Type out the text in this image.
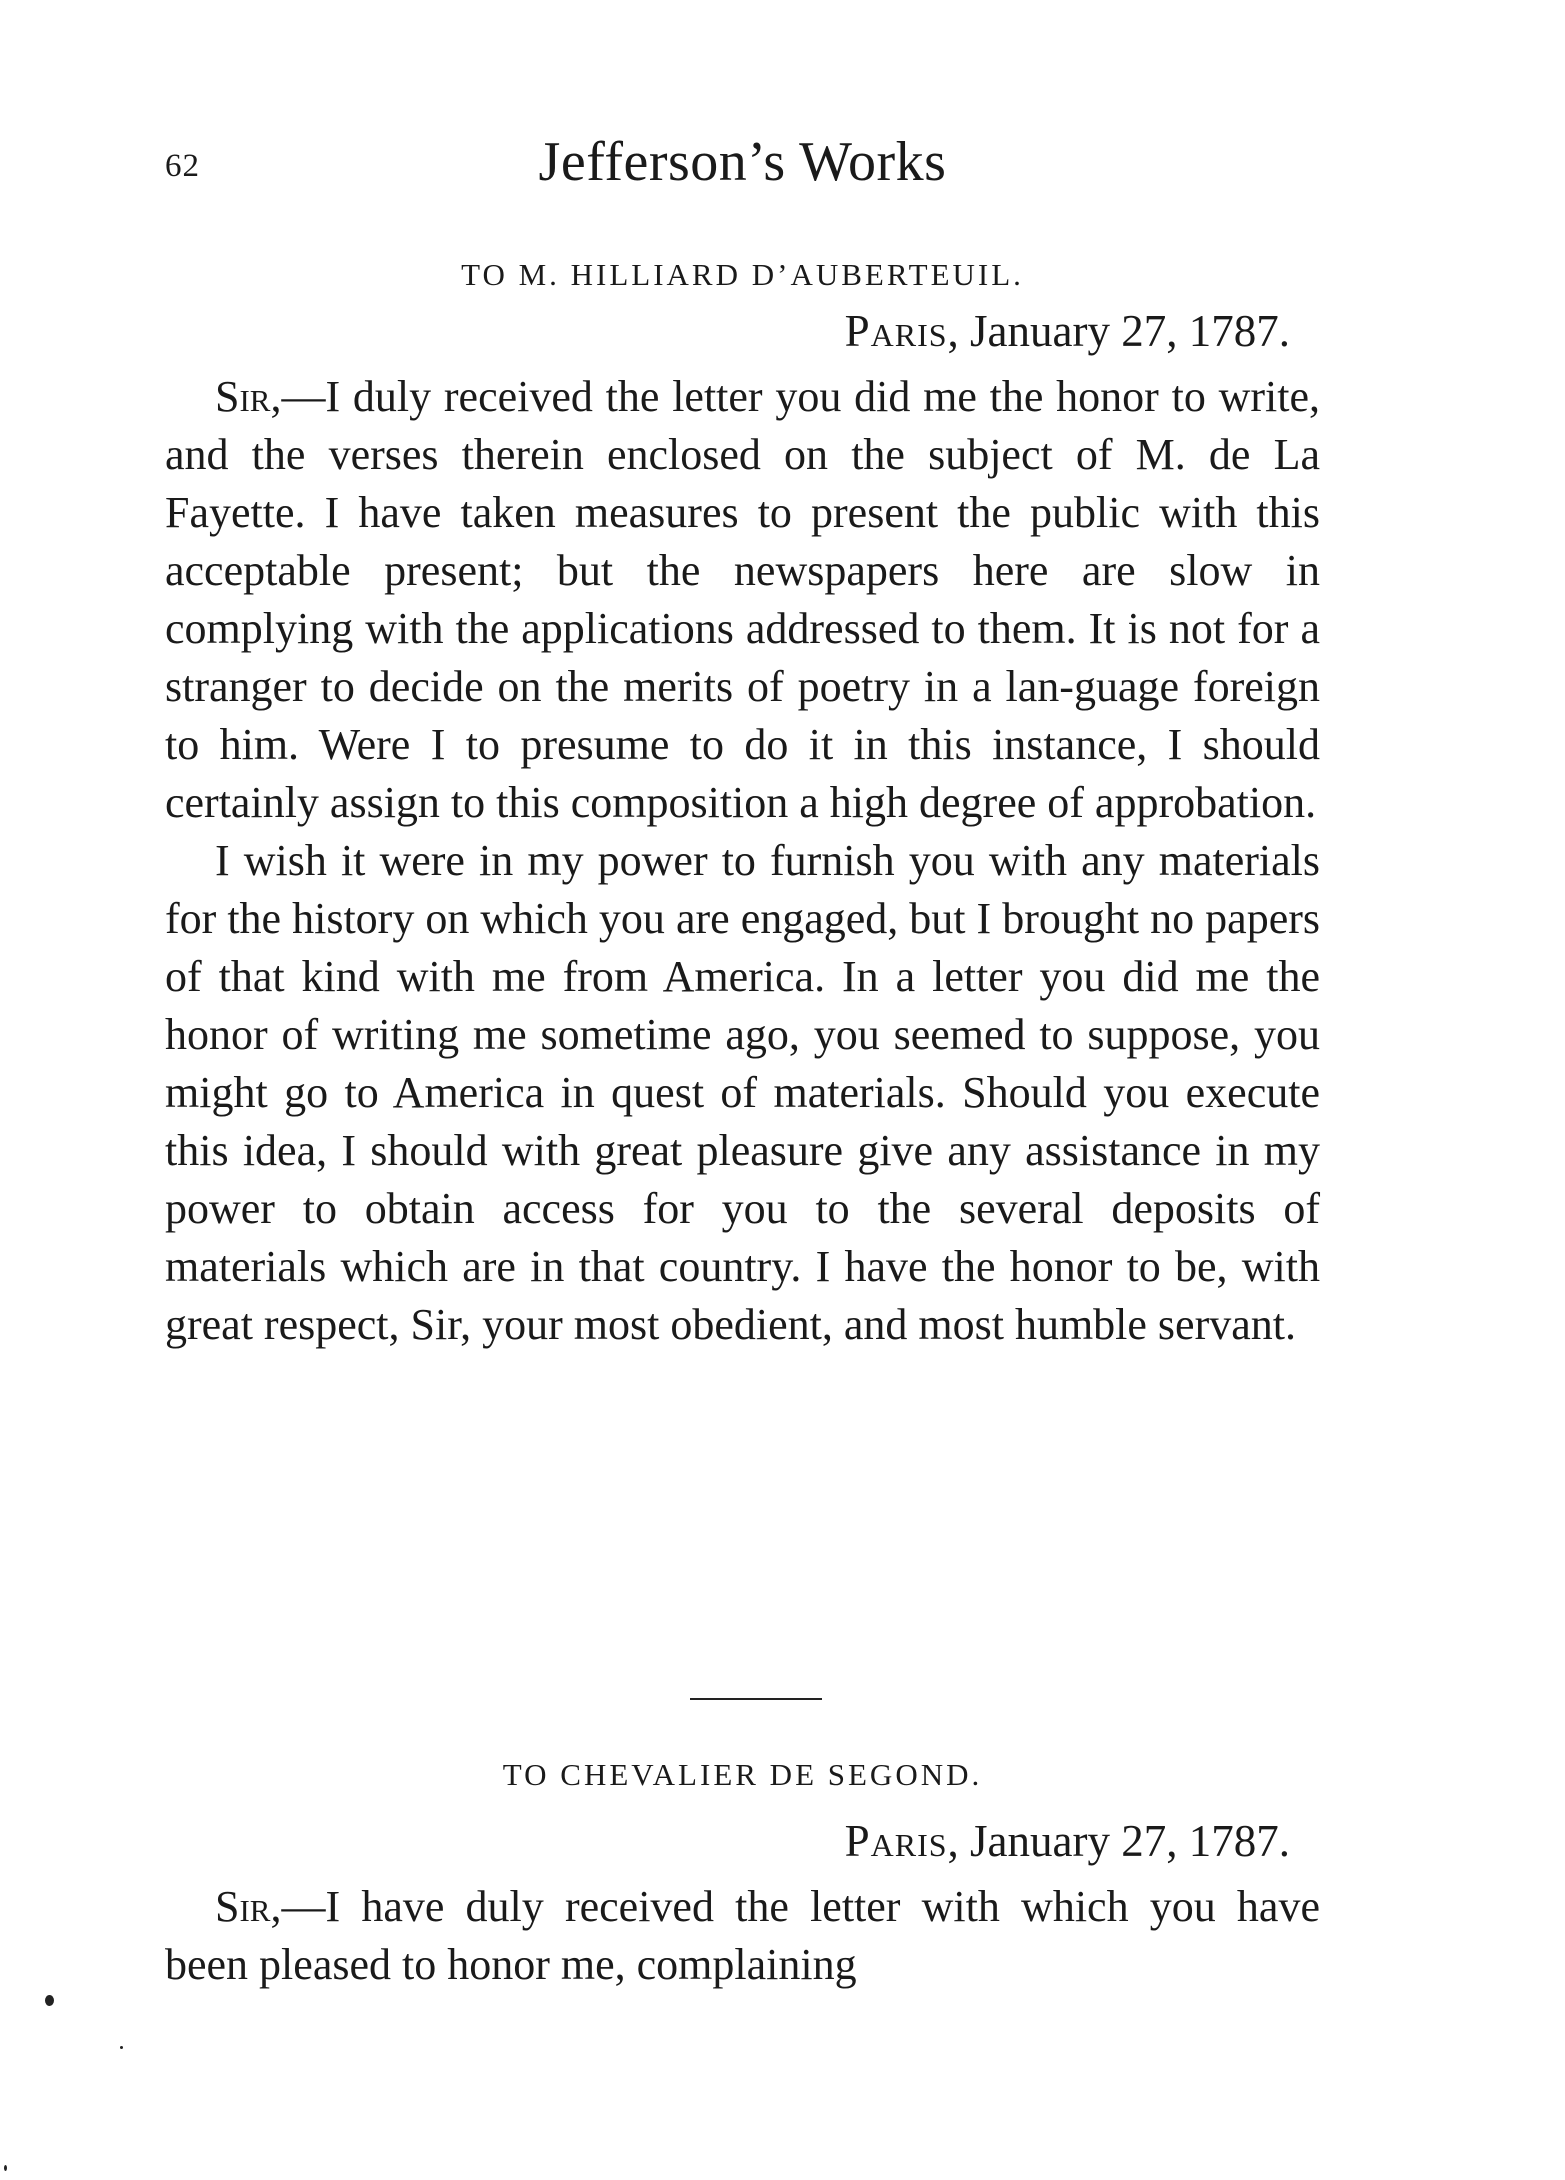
62	Jefferson’s Works
TO M. HILLIARD D’AUBERTEUIL.
Paris, January 27, 1787.

Sir,—I duly received the letter you did me the honor to write, and the verses therein enclosed on the subject of M. de La Fayette. I have taken measures to present the public with this acceptable present; but the newspapers here are slow in complying with the applications addressed to them. It is not for a stranger to decide on the merits of poetry in a lan-guage foreign to him. Were I to presume to do it in this instance, I should certainly assign to this composition a high degree of approbation.

I wish it were in my power to furnish you with any materials for the history on which you are engaged, but I brought no papers of that kind with me from America. In a letter you did me the honor of writing me sometime ago, you seemed to suppose, you might go to America in quest of materials. Should you execute this idea, I should with great pleasure give any assistance in my power to obtain access for you to the several deposits of materials which are in that country. I have the honor to be, with great respect, Sir, your most obedient, and most humble servant.

TO CHEVALIER DE SEGOND.
Paris, January 27, 1787.

Sir,—I have duly received the letter with which you have been pleased to honor me, complaining
